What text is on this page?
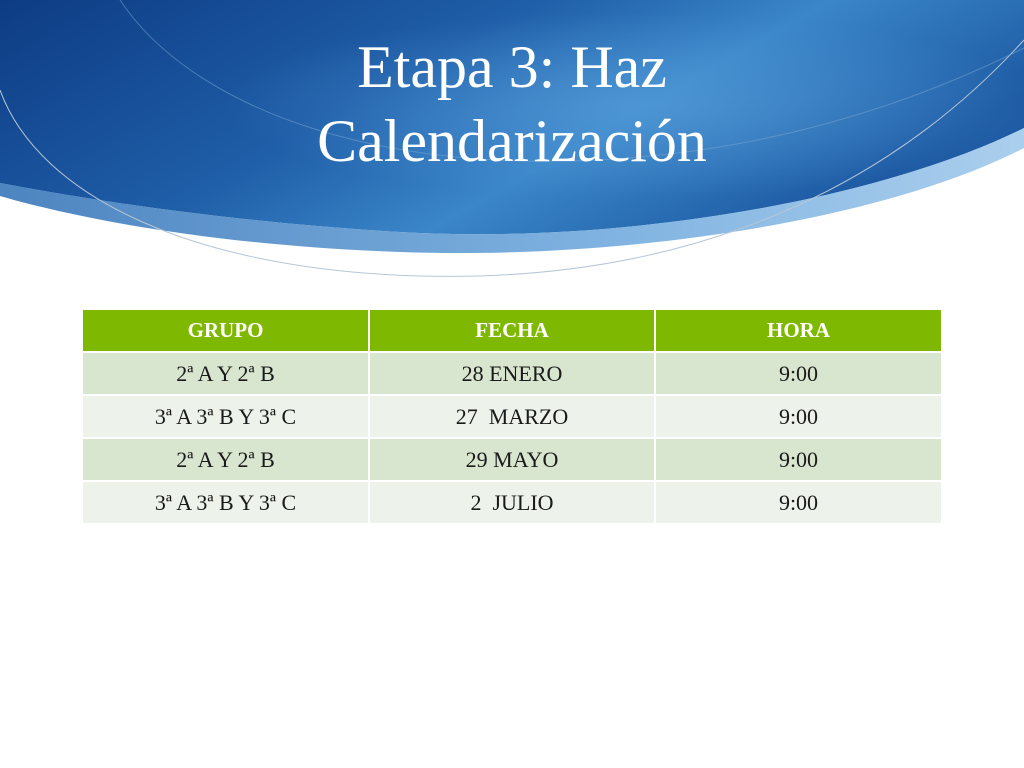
Etapa 3: Haz
Calendarización
GRUPO	FECHA	HORA
2ª A Y 2ª B	28 ENERO	9:00
3ª A 3ª B Y 3ª C	27  MARZO	9:00
2ª A Y 2ª B	29 MAYO	9:00
3ª A 3ª B Y 3ª C	2  JULIO	9:00
